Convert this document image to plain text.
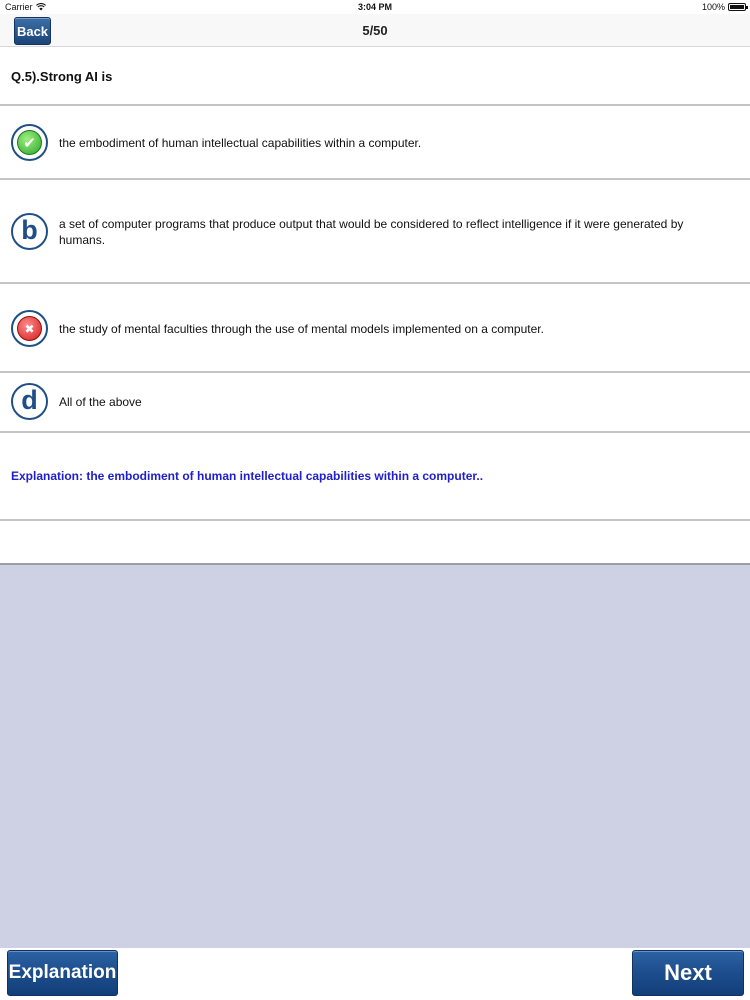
Carrier	3:04 PM	100%
Back	5/50
Q.5).Strong AI is
✔	the embodiment of human intellectual capabilities within a computer.
b a set of computer programs that produce output that would be considered to reflect intelligence if it were generated by humans.
✖	the study of mental faculties through the use of mental models implemented on a computer.
d All of the above
Explanation: the embodiment of human intellectual capabilities within a computer..
Explanation	Next
